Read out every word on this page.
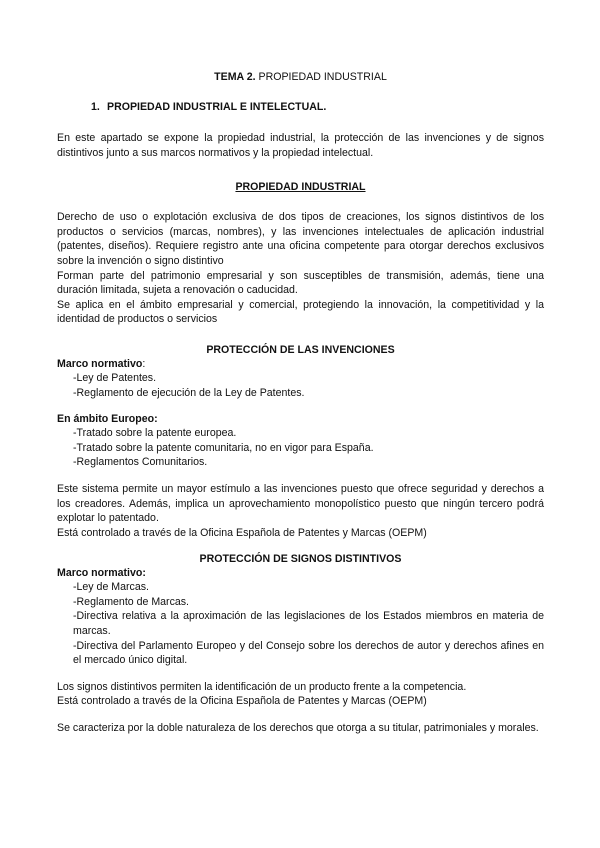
TEMA 2. PROPIEDAD INDUSTRIAL
1. PROPIEDAD INDUSTRIAL E INTELECTUAL.

En este apartado se expone la propiedad industrial, la protección de las invenciones y de signos distintivos junto a sus marcos normativos y la propiedad intelectual.

PROPIEDAD INDUSTRIAL

Derecho de uso o explotación exclusiva de dos tipos de creaciones, los signos distintivos de los productos o servicios (marcas, nombres), y las invenciones intelectuales de aplicación industrial (patentes, diseños). Requiere registro ante una oficina competente para otorgar derechos exclusivos sobre la invención o signo distintivo

Forman parte del patrimonio empresarial y son susceptibles de transmisión, además, tiene una duración limitada, sujeta a renovación o caducidad.

Se aplica en el ámbito empresarial y comercial, protegiendo la innovación, la competitividad y la identidad de productos o servicios

PROTECCIÓN DE LAS INVENCIONES
Marco normativo:
-Ley de Patentes.
-Reglamento de ejecución de la Ley de Patentes.
En ámbito Europeo:
-Tratado sobre la patente europea.
-Tratado sobre la patente comunitaria, no en vigor para España.
-Reglamentos Comunitarios.

Este sistema permite un mayor estímulo a las invenciones puesto que ofrece seguridad y derechos a los creadores. Además, implica un aprovechamiento monopolístico puesto que ningún tercero podrá explotar lo patentado.

Está controlado a través de la Oficina Española de Patentes y Marcas (OEPM)

PROTECCIÓN DE SIGNOS DISTINTIVOS
Marco normativo:
-Ley de Marcas.
-Reglamento de Marcas.
-Directiva relativa a la aproximación de las legislaciones de los Estados miembros en materia de marcas.
-Directiva del Parlamento Europeo y del Consejo sobre los derechos de autor y derechos afines en el mercado único digital.

Los signos distintivos permiten la identificación de un producto frente a la competencia.

Está controlado a través de la Oficina Española de Patentes y Marcas (OEPM)

Se caracteriza por la doble naturaleza de los derechos que otorga a su titular, patrimoniales y morales.
